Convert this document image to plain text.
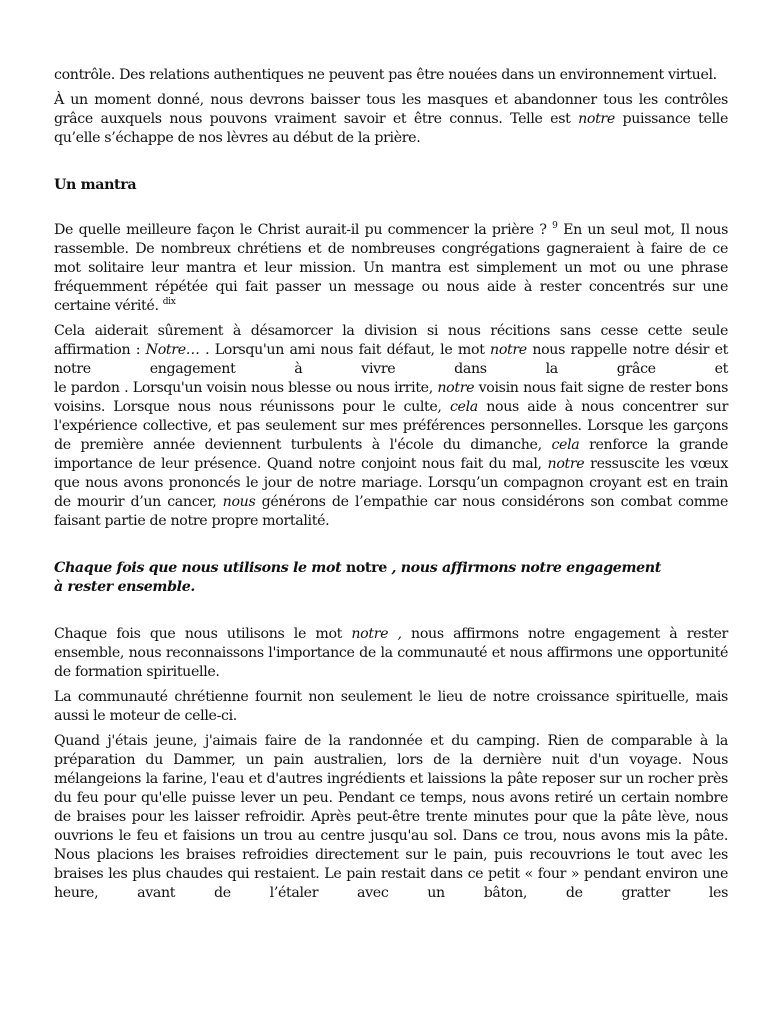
contrôle. Des relations authentiques ne peuvent pas être nouées dans un environnement virtuel.

À un moment donné, nous devrons baisser tous les masques et abandonner tous les contrôles grâce auxquels nous pouvons vraiment savoir et être connus. Telle est notre puissance telle qu’elle s’échappe de nos lèvres au début de la prière.

Un mantra

De quelle meilleure façon le Christ aurait-il pu commencer la prière ? $^9$ En un seul mot, Il nous rassemble. De nombreux chrétiens et de nombreuses congrégations gagneraient à faire de ce mot solitaire leur mantra et leur mission. Un mantra est simplement un mot ou une phrase fréquemment répétée qui fait passer un message ou nous aide à rester concentrés sur une certaine vérité. $^{dix}$

Cela aiderait sûrement à désamorcer la division si nous récitions sans cesse cette seule affirmation : Notre… . Lorsqu'un ami nous fait défaut, le mot notre nous rappelle notre désir et notre engagement à vivre dans la grâce et

le pardon . Lorsqu'un voisin nous blesse ou nous irrite, notre voisin nous fait signe de rester bons voisins. Lorsque nous nous réunissons pour le culte, cela nous aide à nous concentrer sur l'expérience collective, et pas seulement sur mes préférences personnelles. Lorsque les garçons de première année deviennent turbulents à l'école du dimanche, cela renforce la grande importance de leur présence. Quand notre conjoint nous fait du mal, notre ressuscite les vœux que nous avons prononcés le jour de notre mariage. Lorsqu’un compagnon croyant est en train de mourir d’un cancer, nous générons de l’empathie car nous considérons son combat comme faisant partie de notre propre mortalité.

Chaque fois que nous utilisons le mot notre , nous affirmons notre engagement
à rester ensemble.

Chaque fois que nous utilisons le mot notre , nous affirmons notre engagement à rester ensemble, nous reconnaissons l'importance de la communauté et nous affirmons une opportunité de formation spirituelle.

La communauté chrétienne fournit non seulement le lieu de notre croissance spirituelle, mais aussi le moteur de celle-ci.

Quand j'étais jeune, j'aimais faire de la randonnée et du camping. Rien de comparable à la préparation du Dammer, un pain australien, lors de la dernière nuit d'un voyage. Nous mélangeions la farine, l'eau et d'autres ingrédients et laissions la pâte reposer sur un rocher près du feu pour qu'elle puisse lever un peu. Pendant ce temps, nous avons retiré un certain nombre de braises pour les laisser refroidir. Après peut-être trente minutes pour que la pâte lève, nous ouvrions le feu et faisions un trou au centre jusqu'au sol. Dans ce trou, nous avons mis la pâte. Nous placions les braises refroidies directement sur le pain, puis recouvrions le tout avec les braises les plus chaudes qui restaient. Le pain restait dans ce petit « four » pendant environ une heure, avant de l’étaler avec un bâton, de gratter les
